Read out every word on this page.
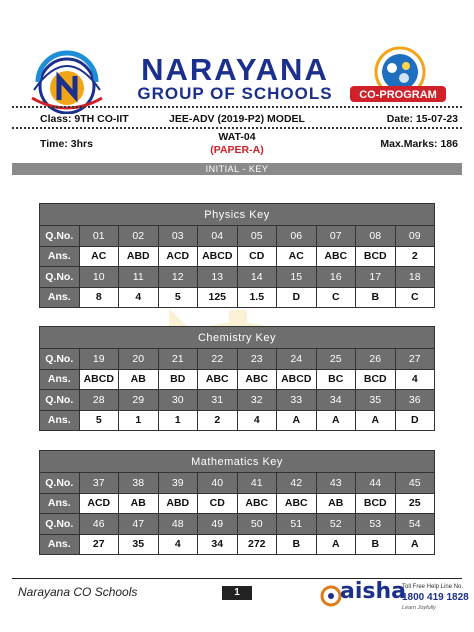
NARAYANA
GROUP OF SCHOOLS	CO-PROGRAM
Class: 9TH CO-IIT	JEE-ADV (2019-P2) MODEL	Date: 15-07-23
WAT-04
Time: 3hrs	Max.Marks: 186
(PAPER-A)
INITIAL - KEY
Physics Key									
Q.No.	01	02	03	04	05	06	07	08	09
Ans.	AC	ABD	ACD	ABCD	CD	AC	ABC	BCD	2
Q.No.	10	11	12	13	14	15	16	17	18
Ans.	8	4	5	125	1.5	D	C	B	C
Chemistry Key									
Q.No.	19	20	21	22	23	24	25	26	27
Ans.	ABCD	AB	BD	ABC	ABC	ABCD	BC	BCD	4
Q.No.	28	29	30	31	32	33	34	35	36
Ans.	5	1	1	2	4	A	A	A	D
Mathematics Key									
Q.No.	37	38	39	40	41	42	43	44	45
Ans.	ACD	AB	ABD	CD	ABC	ABC	AB	BCD	25
Q.No.	46	47	48	49	50	51	52	53	54
Ans.	27	35	4	34	272	B	A	B	A
Narayana CO Schools	1	aisha
Toll Free Help Line No.
1800 419 1828
Learn Joyfully
